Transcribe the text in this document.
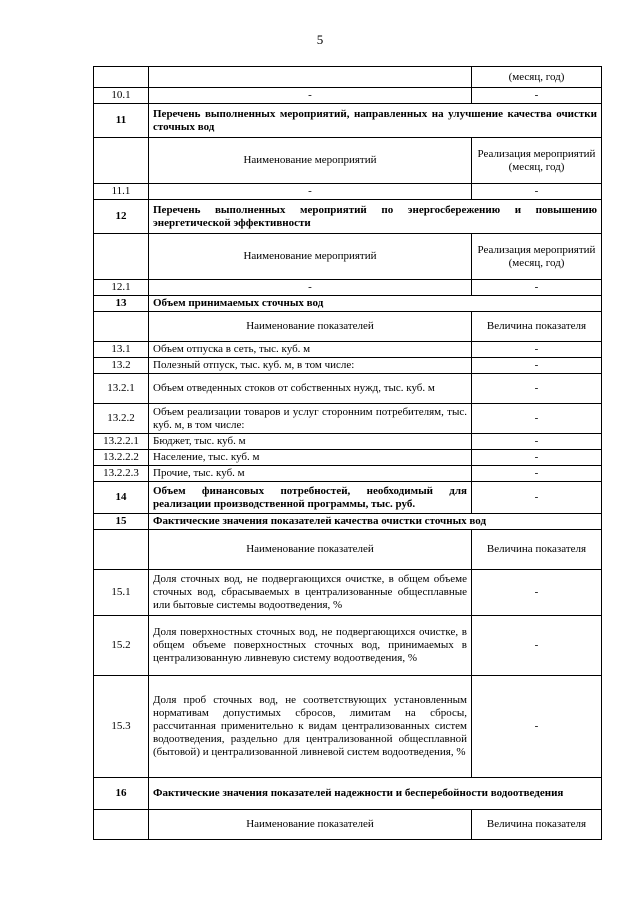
5
		(месяц, год)
10.1	-	-
11	Перечень выполненных мероприятий, направленных на улучшение качества очистки сточных вод	
	Наименование мероприятий	Реализация мероприятий (месяц, год)
11.1	-	-
12	Перечень выполненных мероприятий по энергосбережению и повышению энергетической эффективности	
	Наименование мероприятий	Реализация мероприятий (месяц, год)
12.1	-	-
13	Объем принимаемых сточных вод	
	Наименование показателей	Величина показателя
13.1	Объем отпуска в сеть, тыс. куб. м	-
13.2	Полезный отпуск, тыс. куб. м, в том числе:	-
13.2.1	Объем отведенных стоков от собственных нужд, тыс. куб. м	-
13.2.2	Объем реализации товаров и услуг сторонним потребителям, тыс. куб. м, в том числе:	-
13.2.2.1	Бюджет, тыс. куб. м	-
13.2.2.2	Население, тыс. куб. м	-
13.2.2.3	Прочие, тыс. куб. м	-
14	Объем финансовых потребностей, необходимый для реализации производственной программы, тыс. руб.	-
15	Фактические значения показателей качества очистки сточных вод	
	Наименование показателей	Величина показателя
15.1	Доля сточных вод, не подвергающихся очистке, в общем объеме сточных вод, сбрасываемых в централизованные общесплавные или бытовые системы водоотведения, %	-
15.2	Доля поверхностных сточных вод, не подвергающихся очистке, в общем объеме поверхностных сточных вод, принимаемых в централизованную ливневую систему водоотведения, %	-
15.3	Доля проб сточных вод, не соответствующих установленным нормативам допустимых сбросов, лимитам на сбросы, рассчитанная применительно к видам централизованных систем водоотведения, раздельно для централизованной общесплавной (бытовой) и централизованной ливневой систем водоотведения, %	-
16	Фактические значения показателей надежности и бесперебойности водоотведения	
	Наименование показателей	Величина показателя
